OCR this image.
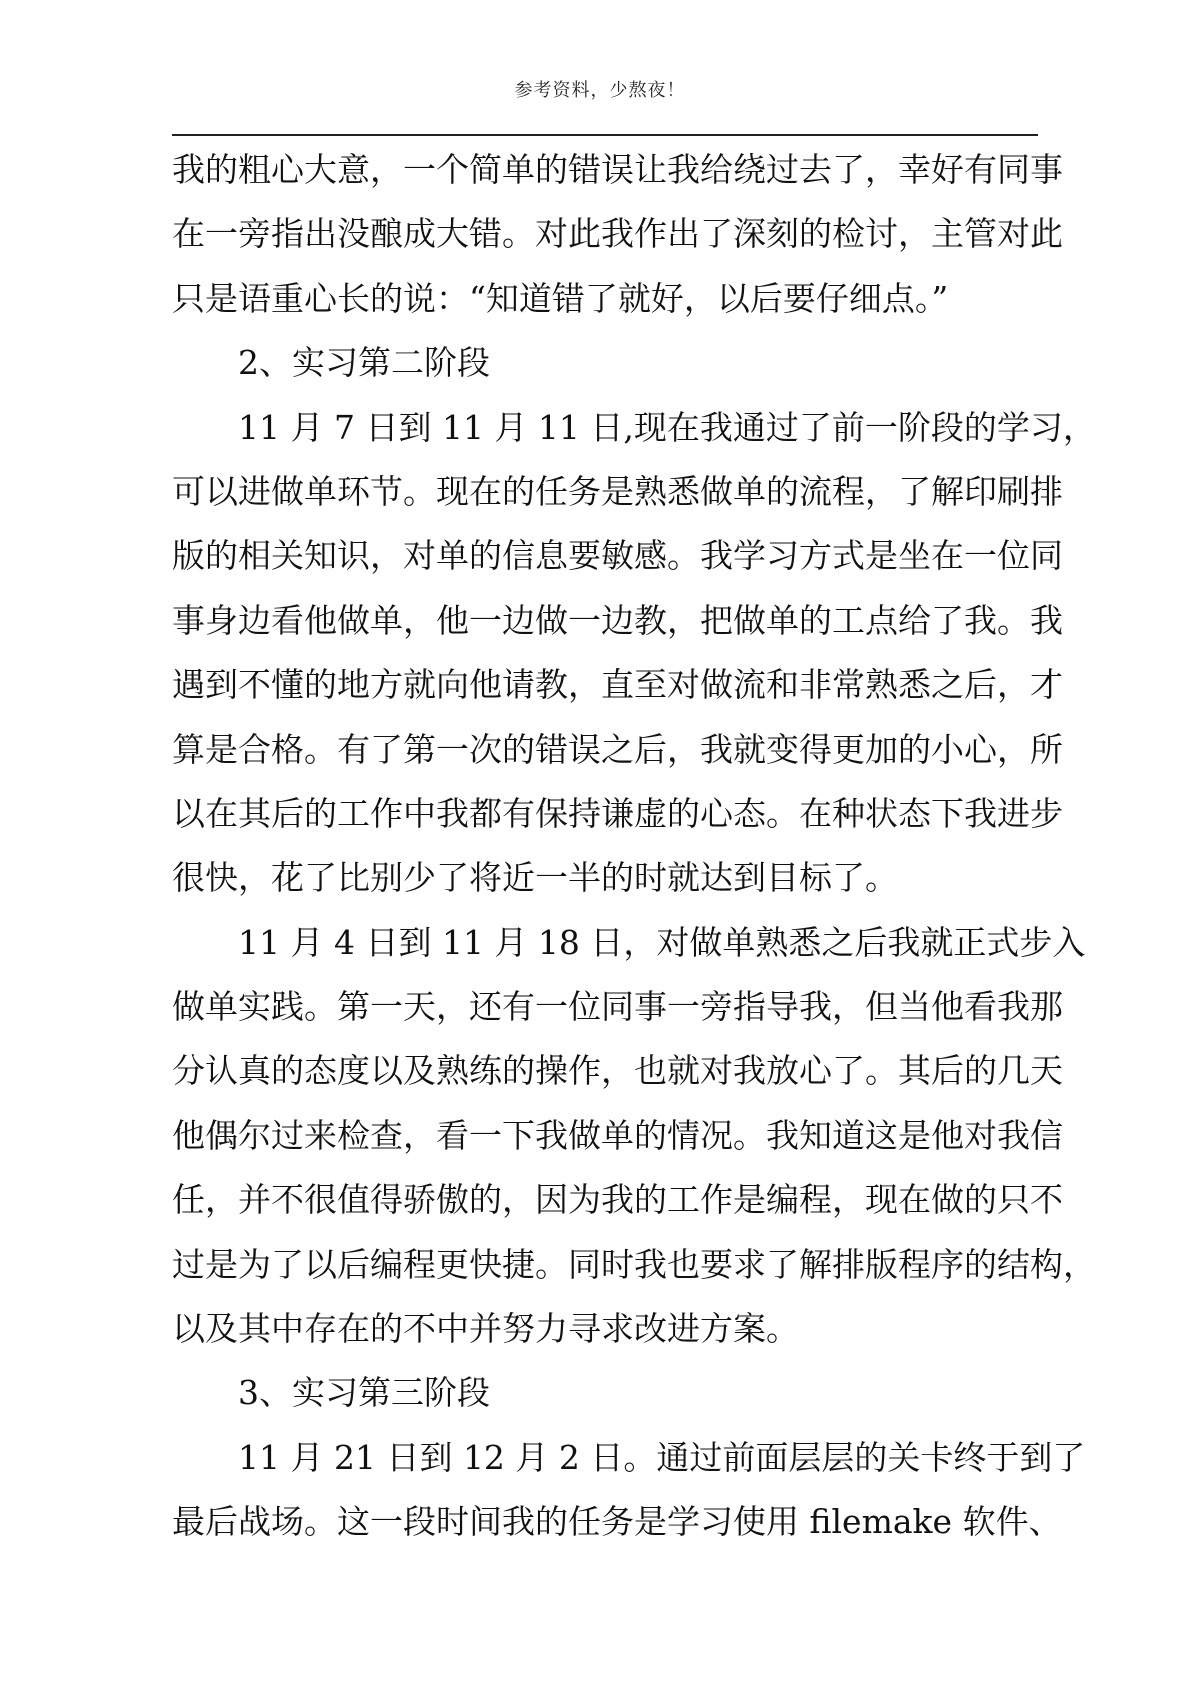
参考资料，少熬夜！
我的粗心大意，一个简单的错误让我给绕过去了，幸好有同事
在一旁指出没酿成大错。对此我作出了深刻的检讨，主管对此
只是语重心长的说：“知道错了就好，以后要仔细点。”
2、实习第二阶段
11 月 7 日到 11 月 11 日,现在我通过了前一阶段的学习，
可以进做单环节。现在的任务是熟悉做单的流程，了解印刷排
版的相关知识，对单的信息要敏感。我学习方式是坐在一位同
事身边看他做单，他一边做一边教，把做单的工点给了我。我
遇到不懂的地方就向他请教，直至对做流和非常熟悉之后，才
算是合格。有了第一次的错误之后，我就变得更加的小心，所
以在其后的工作中我都有保持谦虚的心态。在种状态下我进步
很快，花了比别少了将近一半的时就达到目标了。
11 月 4 日到 11 月 18 日，对做单熟悉之后我就正式步入
做单实践。第一天，还有一位同事一旁指导我，但当他看我那
分认真的态度以及熟练的操作，也就对我放心了。其后的几天
他偶尔过来检查，看一下我做单的情况。我知道这是他对我信
任，并不很值得骄傲的，因为我的工作是编程，现在做的只不
过是为了以后编程更快捷。同时我也要求了解排版程序的结构，
以及其中存在的不中并努力寻求改进方案。
3、实习第三阶段
11 月 21 日到 12 月 2 日。通过前面层层的关卡终于到了
最后战场。这一段时间我的任务是学习使用 filemake 软件、
